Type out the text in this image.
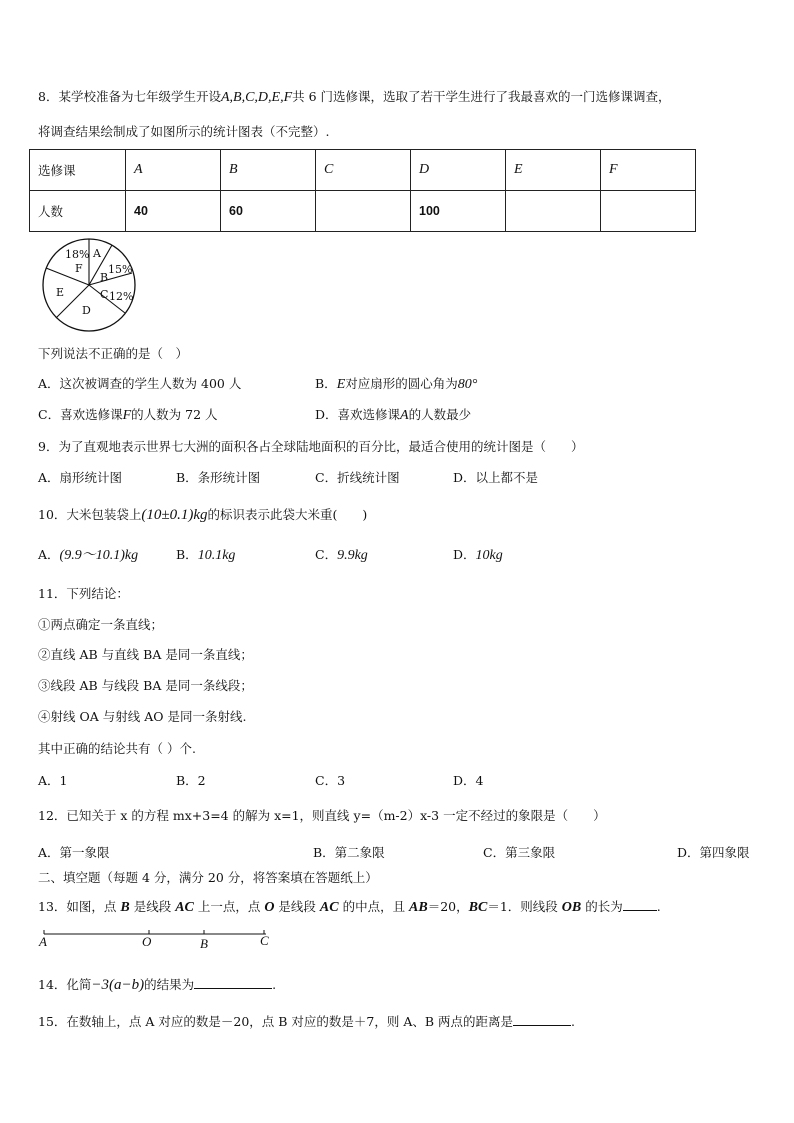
8．某学校准备为七年级学生开设A,B,C,D,E,F共 6 门选修课，选取了若干学生进行了我最喜欢的一门选修课调查，
将调查结果绘制成了如图所示的统计图表（不完整）.
选修课	A	B	C	D	E	F
人数	40	60		100		
18%
F
A
15%
B
C 12%
E
D
下列说法不正确的是（　）
A．这次被调查的学生人数为 400 人	B．E对应扇形的圆心角为80°
C．喜欢选修课F的人数为 72 人	D．喜欢选修课A的人数最少
9．为了直观地表示世界七大洲的面积各占全球陆地面积的百分比，最适合使用的统计图是（　　）
A．扇形统计图	B．条形统计图	C．折线统计图	D．以上都不是
10．大米包装袋上(10±0.1)kg的标识表示此袋大米重(　　)
A．(9.9～10.1)kg	B．10.1kg	C．9.9kg	D．10kg
11．下列结论：
①两点确定一条直线；
②直线 AB 与直线 BA 是同一条直线；
③线段 AB 与线段 BA 是同一条线段；
④射线 OA 与射线 AO 是同一条射线.
其中正确的结论共有（ ）个.
A．1	B．2	C．3	D．4
12．已知关于 x 的方程 mx+3=4 的解为 x=1，则直线 y=（m-2）x-3 一定不经过的象限是（　　）
A．第一象限	B．第二象限	C．第三象限	D．第四象限
二、填空题（每题 4 分，满分 20 分，将答案填在答题纸上）
13．如图，点 B 是线段 AC 上一点，点 O 是线段 AC 的中点，且 AB＝20，BC＝1．则线段 OB 的长为	.
A	O	B	C
14．化简−3(a−b)的结果为	.
15．在数轴上，点 A 对应的数是－20，点 B 对应的数是＋7，则 A、B 两点的距离是	.
